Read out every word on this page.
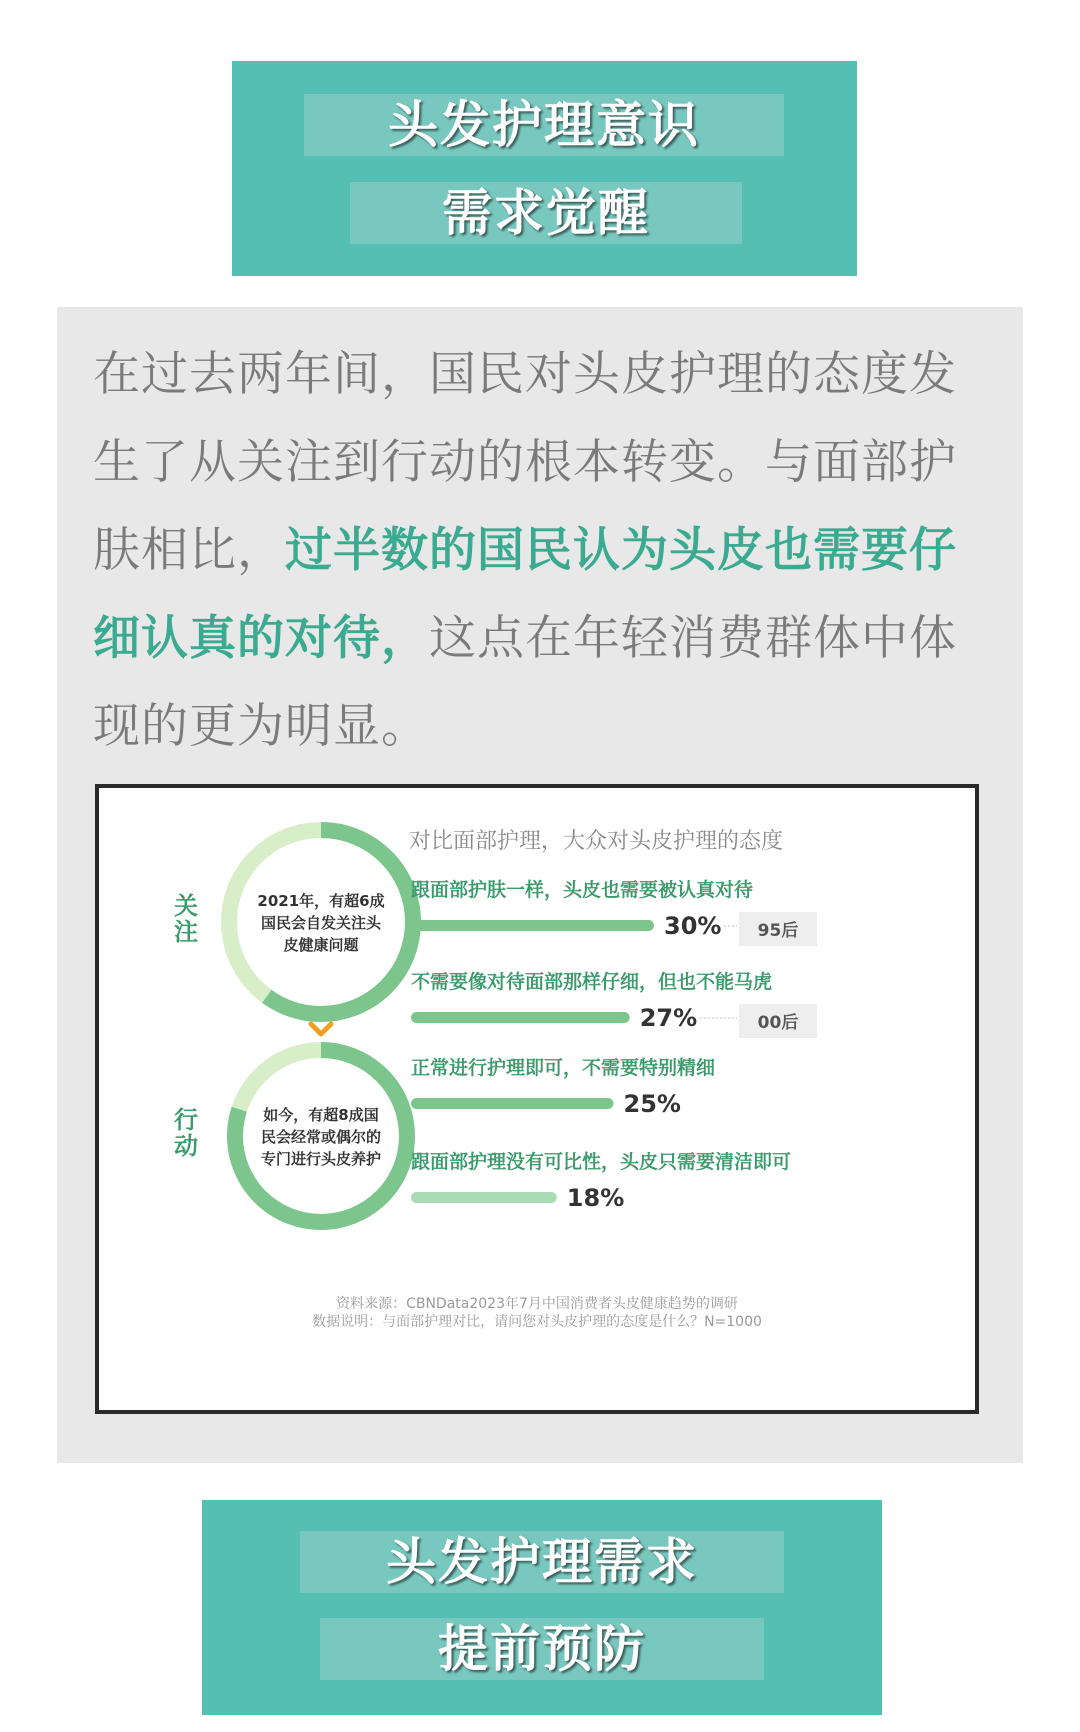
头发护理意识
需求觉醒
在过去两年间，国民对头皮护理的态度发生了从关注到行动的根本转变。与面部护肤相比，过半数的国民认为头皮也需要仔细认真的对待，这点在年轻消费群体中体现的更为明显。
2021年，有超6成
国民会自发关注头
皮健康问题
关
注
如今，有超8成国
民会经常或偶尔的
专门进行头皮养护
行
动
对比面部护理，大众对头皮护理的态度
跟面部护肤一样，头皮也需要被认真对待
30% 95后
不需要像对待面部那样仔细，但也不能马虎
27%	00后
正常进行护理即可，不需要特别精细
25%
跟面部护理没有可比性，头皮只需要清洁即可
18%
资料来源：CBNData2023年7月中国消费者头皮健康趋势的调研
数据说明：与面部护理对比，请问您对头皮护理的态度是什么？N=1000
头发护理需求
提前预防
